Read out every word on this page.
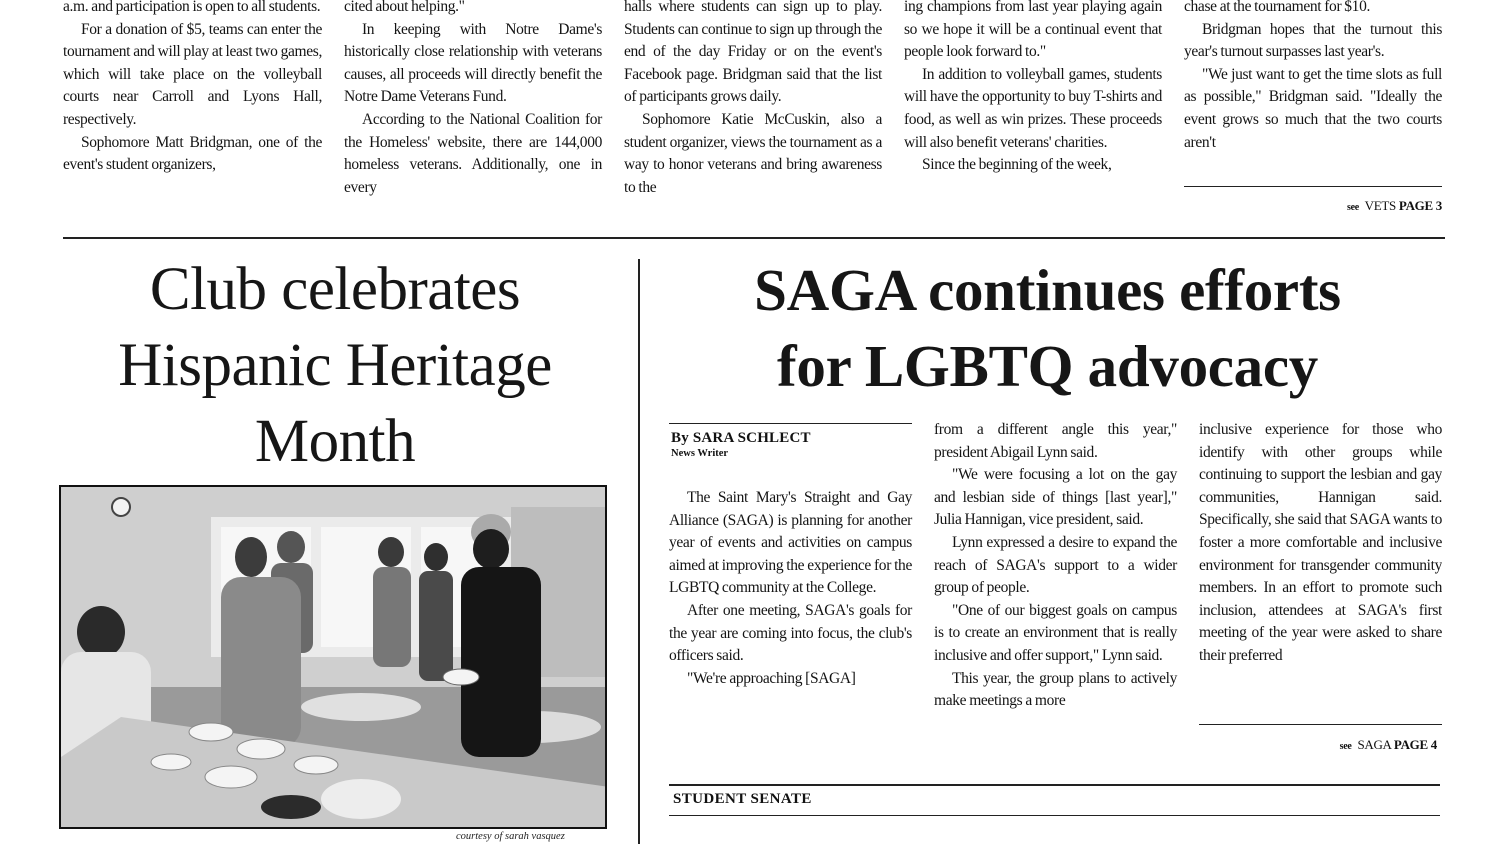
a.m. and participation is open to all students.

For a donation of $5, teams can enter the tournament and will play at least two games, which will take place on the volleyball courts near Carroll and Lyons Hall, respectively.

Sophomore Matt Bridgman, one of the event's student organizers,

cited about helping."

In keeping with Notre Dame's historically close relationship with veterans causes, all proceeds will directly benefit the Notre Dame Veterans Fund.

According to the National Coalition for the Homeless' website, there are 144,000 homeless veterans. Additionally, one in every

halls where students can sign up to play. Students can continue to sign up through the end of the day Friday or on the event's Facebook page. Bridgman said that the list of participants grows daily.

Sophomore Katie McCuskin, also a student organizer, views the tournament as a way to honor veterans and bring awareness to the

ing champions from last year playing again so we hope it will be a continual event that people look forward to."

In addition to volleyball games, students will have the opportunity to buy T-shirts and food, as well as win prizes. These proceeds will also benefit veterans' charities.

Since the beginning of the week,

chase at the tournament for $10.

Bridgman hopes that the turnout this year's turnout surpasses last year's.

"We just want to get the time slots as full as possible," Bridgman said. "Ideally the event grows so much that the two courts aren't

see VETS PAGE 3
Club celebrates
Hispanic Heritage
Month
courtesy of sarah vasquez
SAGA continues efforts
for LGBTQ advocacy
By SARA SCHLECT
News Writer

The Saint Mary's Straight and Gay Alliance (SAGA) is planning for another year of events and activities on campus aimed at improving the experience for the LGBTQ community at the College.

After one meeting, SAGA's goals for the year are coming into focus, the club's officers said.

"We're approaching [SAGA]

from a different angle this year," president Abigail Lynn said.

"We were focusing a lot on the gay and lesbian side of things [last year]," Julia Hannigan, vice president, said.

Lynn expressed a desire to expand the reach of SAGA's support to a wider group of people.

"One of our biggest goals on campus is to create an environment that is really inclusive and offer support," Lynn said.

This year, the group plans to actively make meetings a more

inclusive experience for those who identify with other groups while continuing to support the lesbian and gay communities, Hannigan said. Specifically, she said that SAGA wants to foster a more comfortable and inclusive environment for transgender community members. In an effort to promote such inclusion, attendees at SAGA's first meeting of the year were asked to share their preferred

see SAGA PAGE 4
STUDENT SENATE
